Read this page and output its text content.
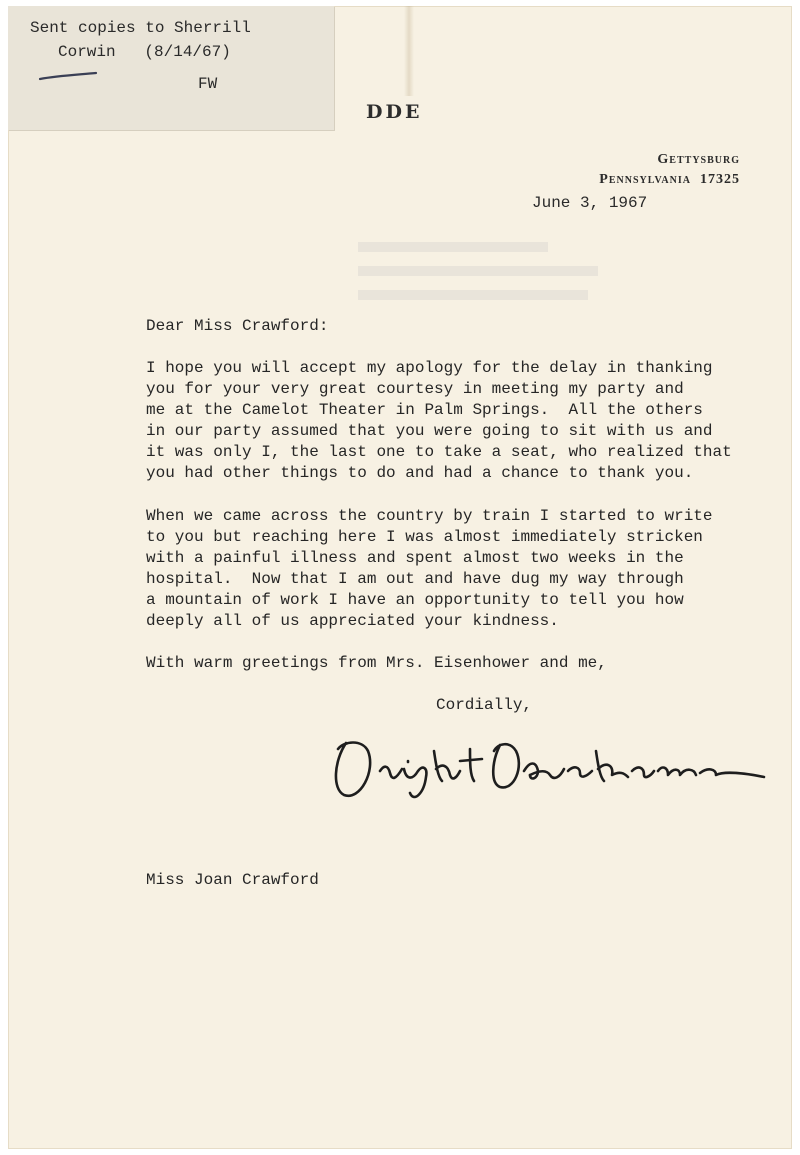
Sent copies to Sherrill
Corwin   (8/14/67)
FW
DDE
Gettysburg
Pennsylvania  17325
June 3, 1967
Dear Miss Crawford:
I hope you will accept my apology for the delay in thanking
you for your very great courtesy in meeting my party and
me at the Camelot Theater in Palm Springs.  All the others
in our party assumed that you were going to sit with us and
it was only I, the last one to take a seat, who realized that
you had other things to do and had a chance to thank you.
When we came across the country by train I started to write
to you but reaching here I was almost immediately stricken
with a painful illness and spent almost two weeks in the
hospital.  Now that I am out and have dug my way through
a mountain of work I have an opportunity to tell you how
deeply all of us appreciated your kindness.
With warm greetings from Mrs. Eisenhower and me,
Cordially,
Miss Joan Crawford
